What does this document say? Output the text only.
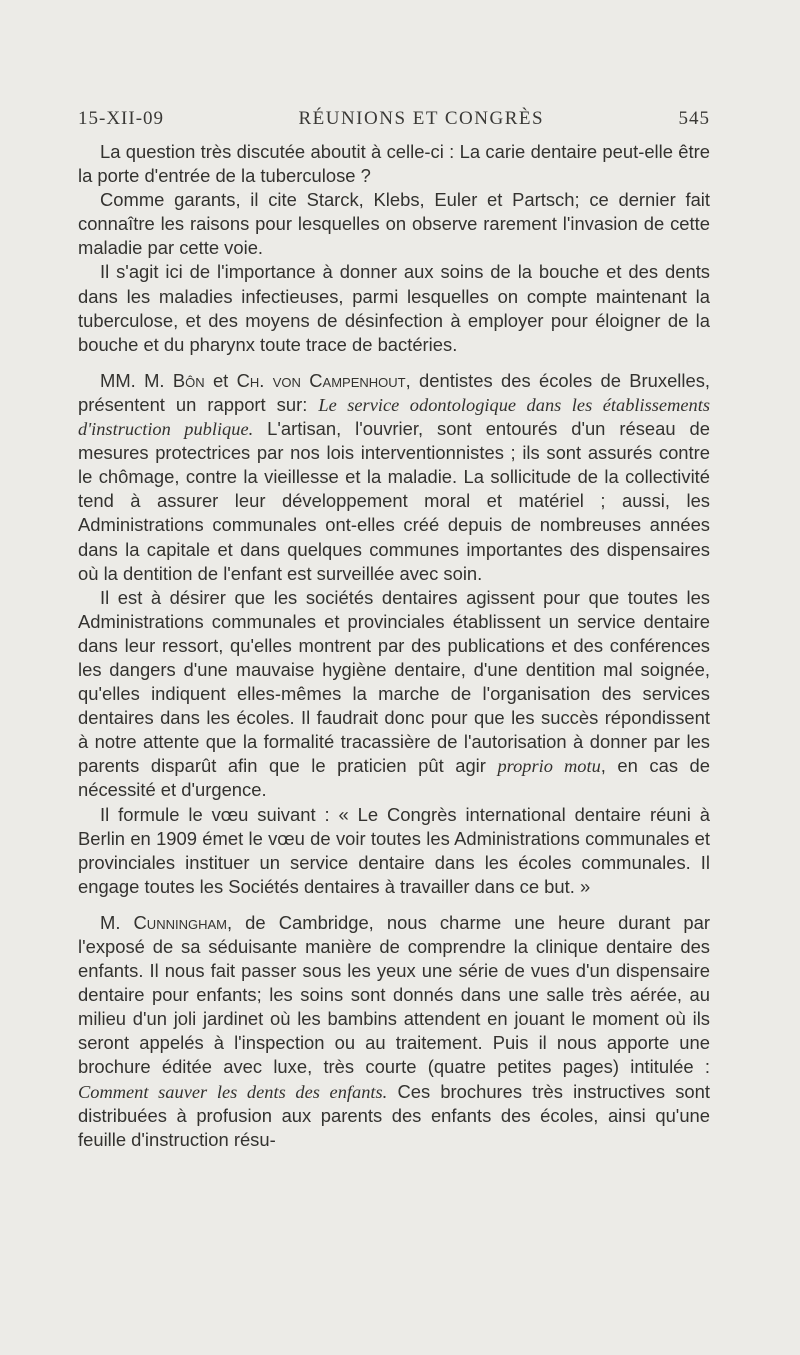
15-XII-09	RÉUNIONS ET CONGRÈS	545

La question très discutée aboutit à celle-ci : La carie dentaire peut-elle être la porte d'entrée de la tuberculose ?

Comme garants, il cite Starck, Klebs, Euler et Partsch; ce dernier fait connaître les raisons pour lesquelles on observe rarement l'invasion de cette maladie par cette voie.

Il s'agit ici de l'importance à donner aux soins de la bouche et des dents dans les maladies infectieuses, parmi lesquelles on compte maintenant la tuberculose, et des moyens de désinfection à employer pour éloigner de la bouche et du pharynx toute trace de bactéries.

MM. M. Bôn et Ch. von Campenhout, dentistes des écoles de Bruxelles, présentent un rapport sur: Le service odontologique dans les établissements d'instruction publique. L'artisan, l'ouvrier, sont entourés d'un réseau de mesures protectrices par nos lois interventionnistes ; ils sont assurés contre le chômage, contre la vieillesse et la maladie. La sollicitude de la collectivité tend à assurer leur développement moral et matériel ; aussi, les Administrations communales ont-elles créé depuis de nombreuses années dans la capitale et dans quelques communes importantes des dispensaires où la dentition de l'enfant est surveillée avec soin.

Il est à désirer que les sociétés dentaires agissent pour que toutes les Administrations communales et provinciales établissent un service dentaire dans leur ressort, qu'elles montrent par des publications et des conférences les dangers d'une mauvaise hygiène dentaire, d'une dentition mal soignée, qu'elles indiquent elles-mêmes la marche de l'organisation des services dentaires dans les écoles. Il faudrait donc pour que les succès répondissent à notre attente que la formalité tracassière de l'autorisation à donner par les parents disparût afin que le praticien pût agir proprio motu, en cas de nécessité et d'urgence.

Il formule le vœu suivant : « Le Congrès international dentaire réuni à Berlin en 1909 émet le vœu de voir toutes les Administrations communales et provinciales instituer un service dentaire dans les écoles communales. Il engage toutes les Sociétés dentaires à travailler dans ce but. »

M. Cunningham, de Cambridge, nous charme une heure durant par l'exposé de sa séduisante manière de comprendre la clinique dentaire des enfants. Il nous fait passer sous les yeux une série de vues d'un dispensaire dentaire pour enfants; les soins sont donnés dans une salle très aérée, au milieu d'un joli jardinet où les bambins attendent en jouant le moment où ils seront appelés à l'inspection ou au traitement. Puis il nous apporte une brochure éditée avec luxe, très courte (quatre petites pages) intitulée : Comment sauver les dents des enfants. Ces brochures très instructives sont distribuées à profusion aux parents des enfants des écoles, ainsi qu'une feuille d'instruction résu-
